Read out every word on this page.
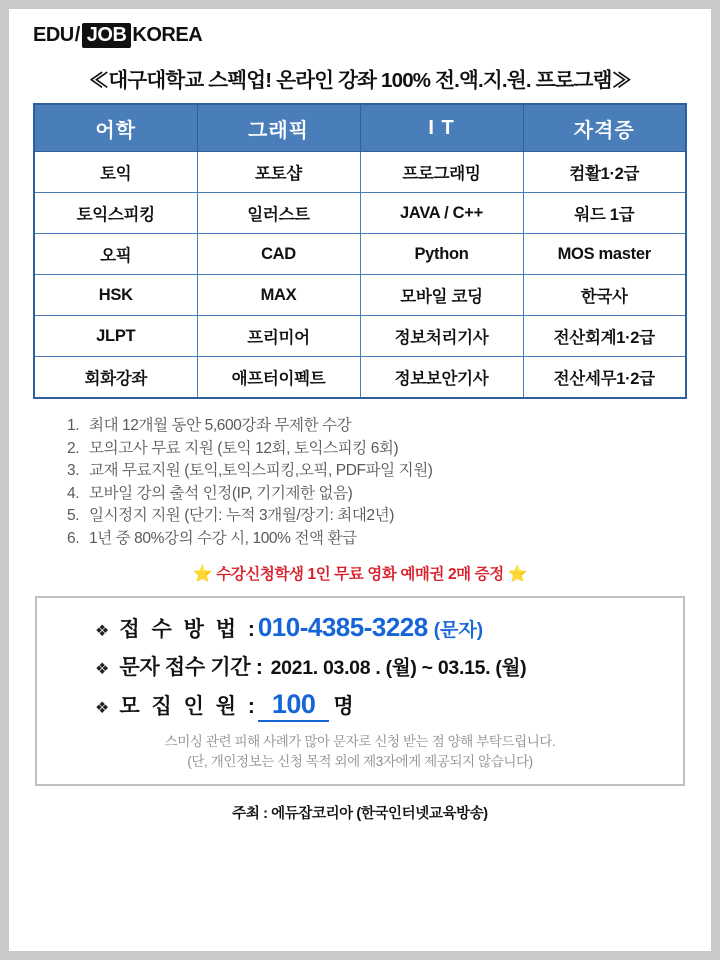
EDU / JOB KOREA
≪대구대학교 스펙업! 온라인 강좌 100% 전.액.지.원. 프로그램≫
어학	그래픽	I T	자격증
토익	포토샵	프로그래밍	컴활1·2급
토익스피킹	일러스트	JAVA / C++	워드 1급
오픽	CAD	Python	MOS master
HSK	MAX	모바일 코딩	한국사
JLPT	프리미어	정보처리기사	전산회계1·2급
회화강좌	애프터이펙트	정보보안기사	전산세무1·2급
최대 12개월 동안 5,600강좌 무제한 수강
모의고사 무료 지원 (토익 12회, 토익스피킹 6회)
교재 무료지원 (토익,토익스피킹,오픽, PDF파일 지원)
모바일 강의 출석 인정(IP, 기기제한 없음)
일시정지 지원 (단기: 누적 3개월/장기: 최대2년)
1년 중 80%강의 수강 시, 100% 전액 환급
⭐ 수강신청학생 1인 무료 영화 예매권 2매 증정 ⭐
❖ 접 수 방 법 : 010-4385-3228 (문자)
❖ 문자 접수 기간 : 2021. 03.08 . (월) ~ 03.15. (월)
❖ 모 집 인 원 : 100 명
스미싱 관련 피해 사례가 많아 문자로 신청 받는 점 양해 부탁드립니다.
(단, 개인정보는 신청 목적 외에 제3자에게 제공되지 않습니다)
주최 : 에듀잡코리아 (한국인터넷교육방송)
